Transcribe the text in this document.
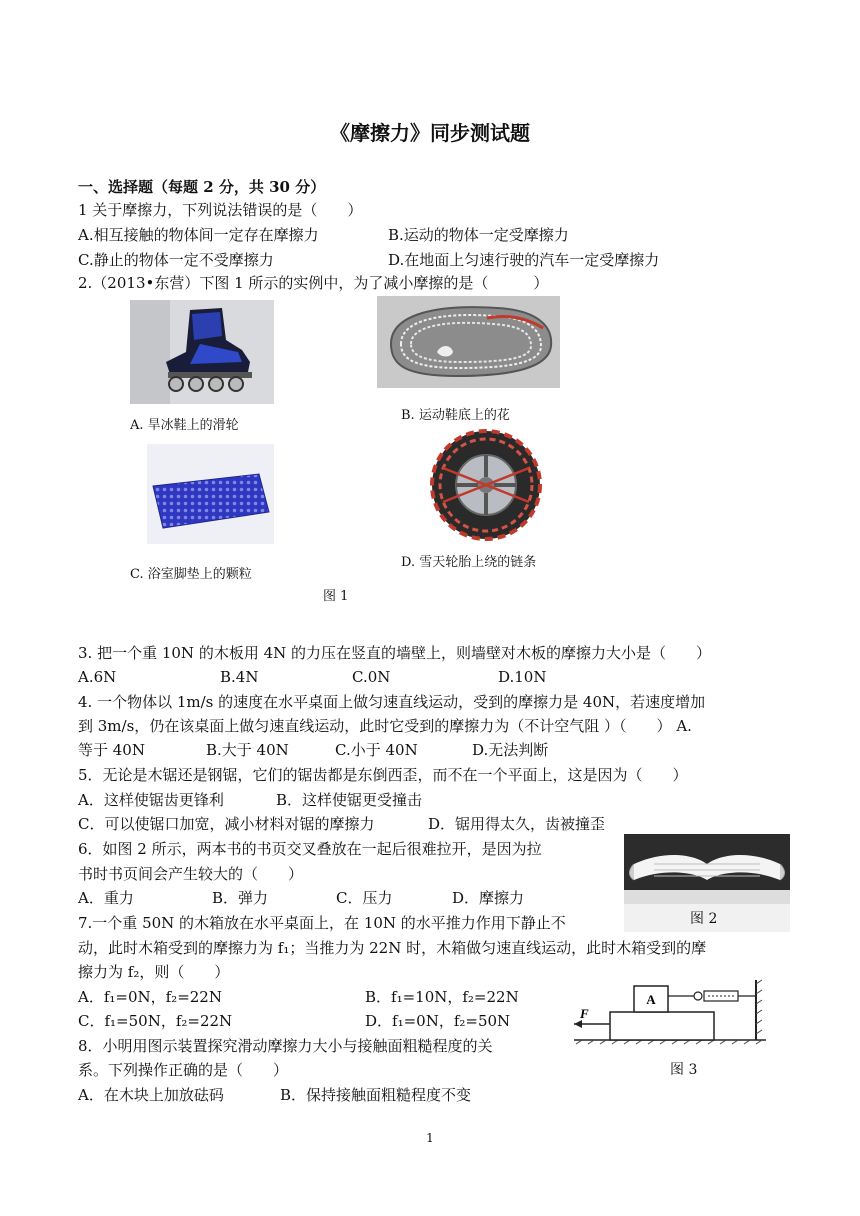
《摩擦力》同步测试题
一、选择题（每题 2 分，共 30 分）
1 关于摩擦力，下列说法错误的是（　　）
A.相互接触的物体间一定存在摩擦力	B.运动的物体一定受摩擦力
C.静止的物体一定不受摩擦力	D.在地面上匀速行驶的汽车一定受摩擦力
2.（2013•东营）下图 1 所示的实例中，为了减小摩擦的是（　　　）
A. 旱冰鞋上的滑轮
B. 运动鞋底上的花
C. 浴室脚垫上的颗粒
D. 雪天轮胎上绕的链条
图 1
3. 把一个重 10N 的木板用 4N 的力压在竖直的墙壁上，则墙壁对木板的摩擦力大小是（　　）
A.6N	B.4N	C.0N	D.10N
4. 一个物体以 1m/s 的速度在水平桌面上做匀速直线运动，受到的摩擦力是 40N，若速度增加
到 3m/s，仍在该桌面上做匀速直线运动，此时它受到的摩擦力为（不计空气阻 ）（　　） A.
等于 40N	B.大于 40N	C.小于 40N	D.无法判断
5．无论是木锯还是钢锯，它们的锯齿都是东倒西歪，而不在一个平面上，这是因为（　　）
A．这样使锯齿更锋利	B．这样使锯更受撞击
C．可以使锯口加宽，减小材料对锯的摩擦力	D．锯用得太久，齿被撞歪
6．如图 2 所示，两本书的书页交叉叠放在一起后很难拉开，是因为拉
书时书页间会产生较大的（　　）
A．重力	B．弹力	C．压力	D．摩擦力
图 2
7.一个重 50N 的木箱放在水平桌面上，在 10N 的水平推力作用下静止不
动，此时木箱受到的摩擦力为 f₁；当推力为 22N 时，木箱做匀速直线运动，此时木箱受到的摩
擦力为 f₂，则（　　）
A．f₁=0N，f₂=22N	B．f₁=10N，f₂=22N
C．f₁=50N，f₂=22N	D．f₁=0N，f₂=50N
A
F
图 3
8．小明用图示装置探究滑动摩擦力大小与接触面粗糙程度的关
系。下列操作正确的是（　　）
A．在木块上加放砝码	B．保持接触面粗糙程度不变
1
